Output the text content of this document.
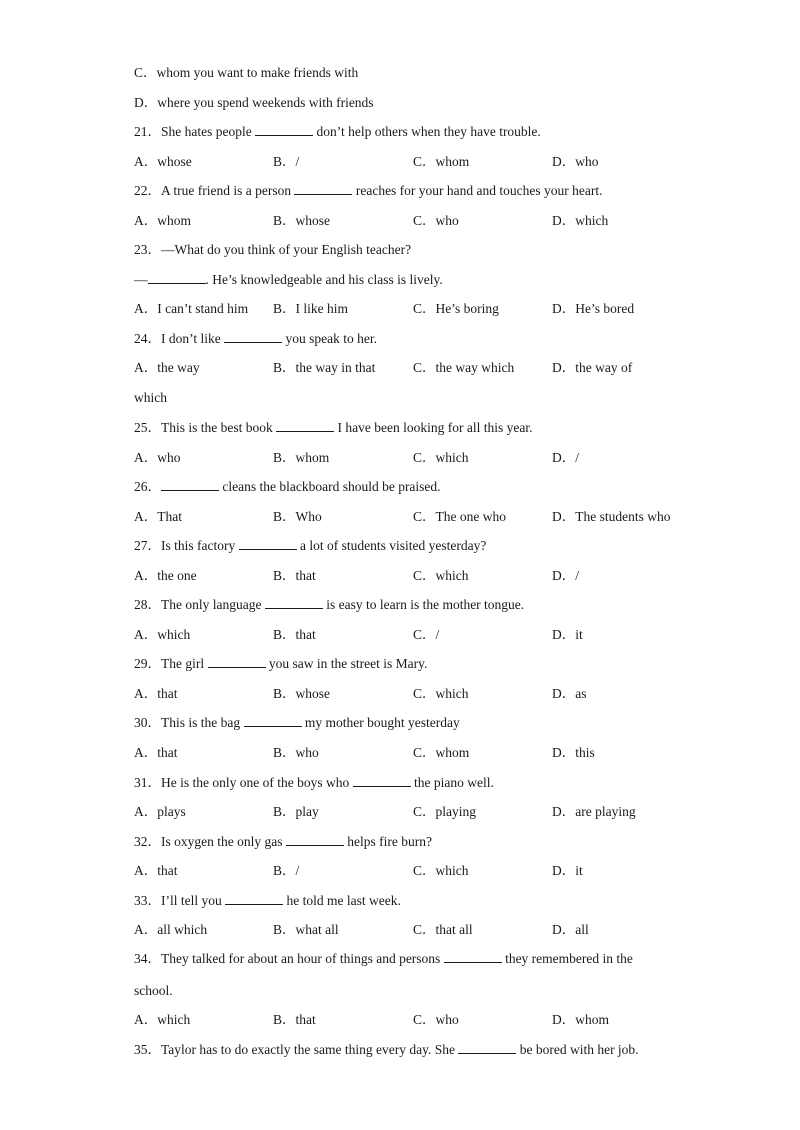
C．whom you want to make friends with
D．where you spend weekends with friends
21．She hates people	don’t help others when they have trouble.
A．whose	B．/	C．whom	D．who
22．A true friend is a person	reaches for your hand and touches your heart.
A．whom	B．whose	C．who	D．which
23．—What do you think of your English teacher?
—	. He’s knowledgeable and his class is lively.
A．I can’t stand him B．I like him	C．He’s boring	D．He’s bored
24．I don’t like	you speak to her.
A．the way	B．the way in that	C．the way which	D．the way of
which
25．This is the best book	I have been looking for all this year.
A．who	B．whom	C．which	D．/
26．	cleans the blackboard should be praised.
A．That	B．Who	C．The one who	D．The students who
27．Is this factory	a lot of students visited yesterday?
A．the one	B．that	C．which	D．/
28．The only language	is easy to learn is the mother tongue.
A．which	B．that	C．/	D．it
29．The girl	you saw in the street is Mary.
A．that	B．whose	C．which	D．as
30．This is the bag	my mother bought yesterday
A．that	B．who	C．whom	D．this
31．He is the only one of the boys who	the piano well.
A．plays	B．play	C．playing	D．are playing
32．Is oxygen the only gas	helps fire burn?
A．that	B．/	C．which	D．it
33．I’ll tell you	he told me last week.
A．all which	B．what all	C．that all	D．all
34．They talked for about an hour of things and persons	they remembered in the
school.
A．which	B．that	C．who	D．whom
35．Taylor has to do exactly the same thing every day. She	be bored with her job.
